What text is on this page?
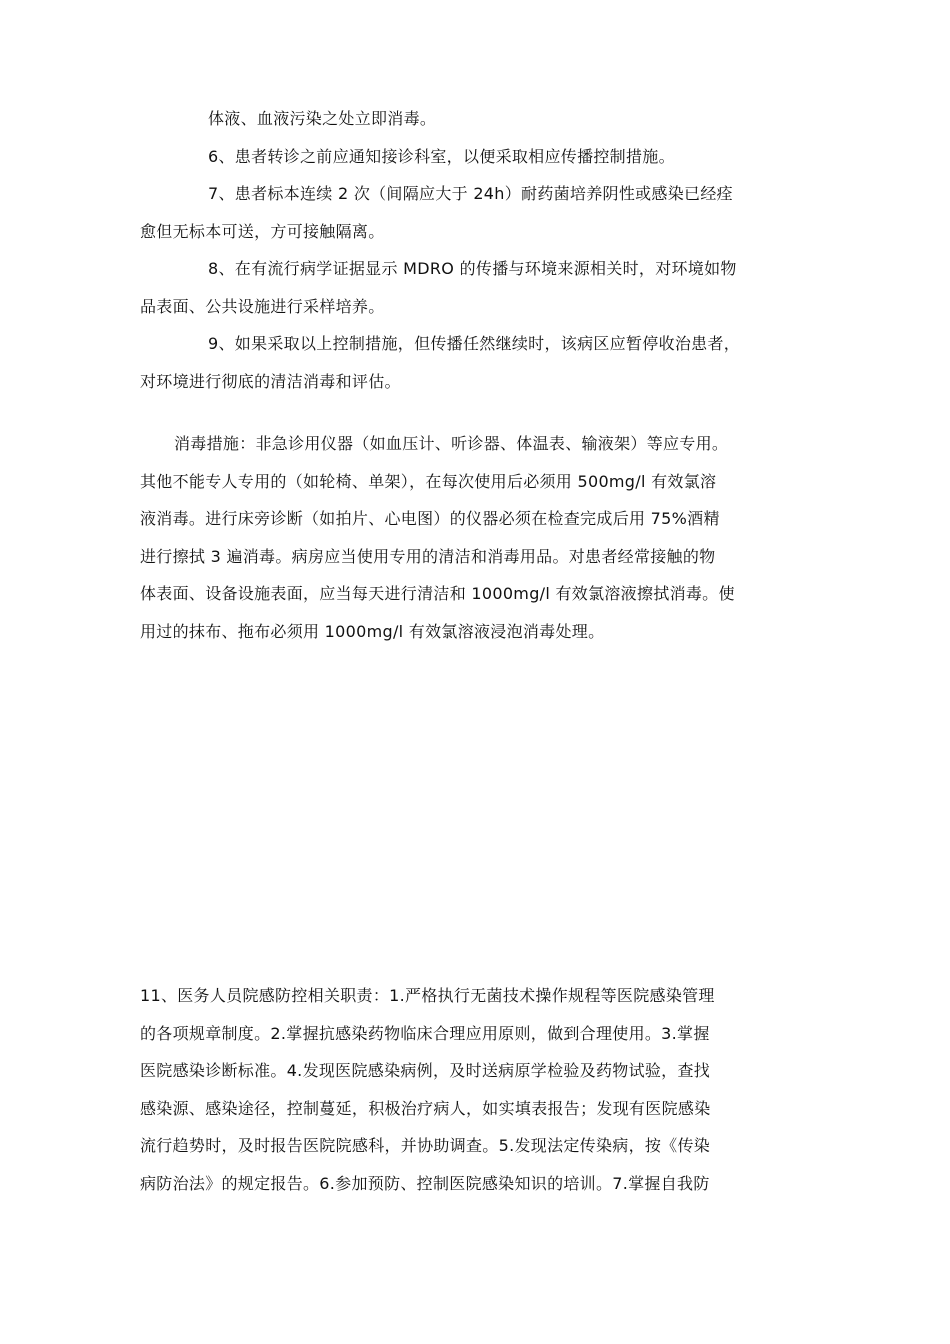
体液、血液污染之处立即消毒。
6、患者转诊之前应通知接诊科室，以便采取相应传播控制措施。
7、患者标本连续 2 次（间隔应大于 24h）耐药菌培养阴性或感染已经痊
愈但无标本可送，方可接触隔离。
8、在有流行病学证据显示 MDRO 的传播与环境来源相关时，对环境如物
品表面、公共设施进行采样培养。
9、如果采取以上控制措施，但传播任然继续时，该病区应暂停收治患者，
对环境进行彻底的清洁消毒和评估。
消毒措施：非急诊用仪器（如血压计、听诊器、体温表、输液架）等应专用。
其他不能专人专用的（如轮椅、单架），在每次使用后必须用 500mg/l 有效氯溶
液消毒。进行床旁诊断（如拍片、心电图）的仪器必须在检查完成后用 75%酒精
进行擦拭 3 遍消毒。病房应当使用专用的清洁和消毒用品。对患者经常接触的物
体表面、设备设施表面，应当每天进行清洁和 1000mg/l 有效氯溶液擦拭消毒。使
用过的抹布、拖布必须用 1000mg/l 有效氯溶液浸泡消毒处理。
11、医务人员院感防控相关职责：1.严格执行无菌技术操作规程等医院感染管理
的各项规章制度。2.掌握抗感染药物临床合理应用原则，做到合理使用。3.掌握
医院感染诊断标准。4.发现医院感染病例，及时送病原学检验及药物试验，查找
感染源、感染途径，控制蔓延，积极治疗病人，如实填表报告；发现有医院感染
流行趋势时，及时报告医院院感科，并协助调查。5.发现法定传染病，按《传染
病防治法》的规定报告。6.参加预防、控制医院感染知识的培训。7.掌握自我防
